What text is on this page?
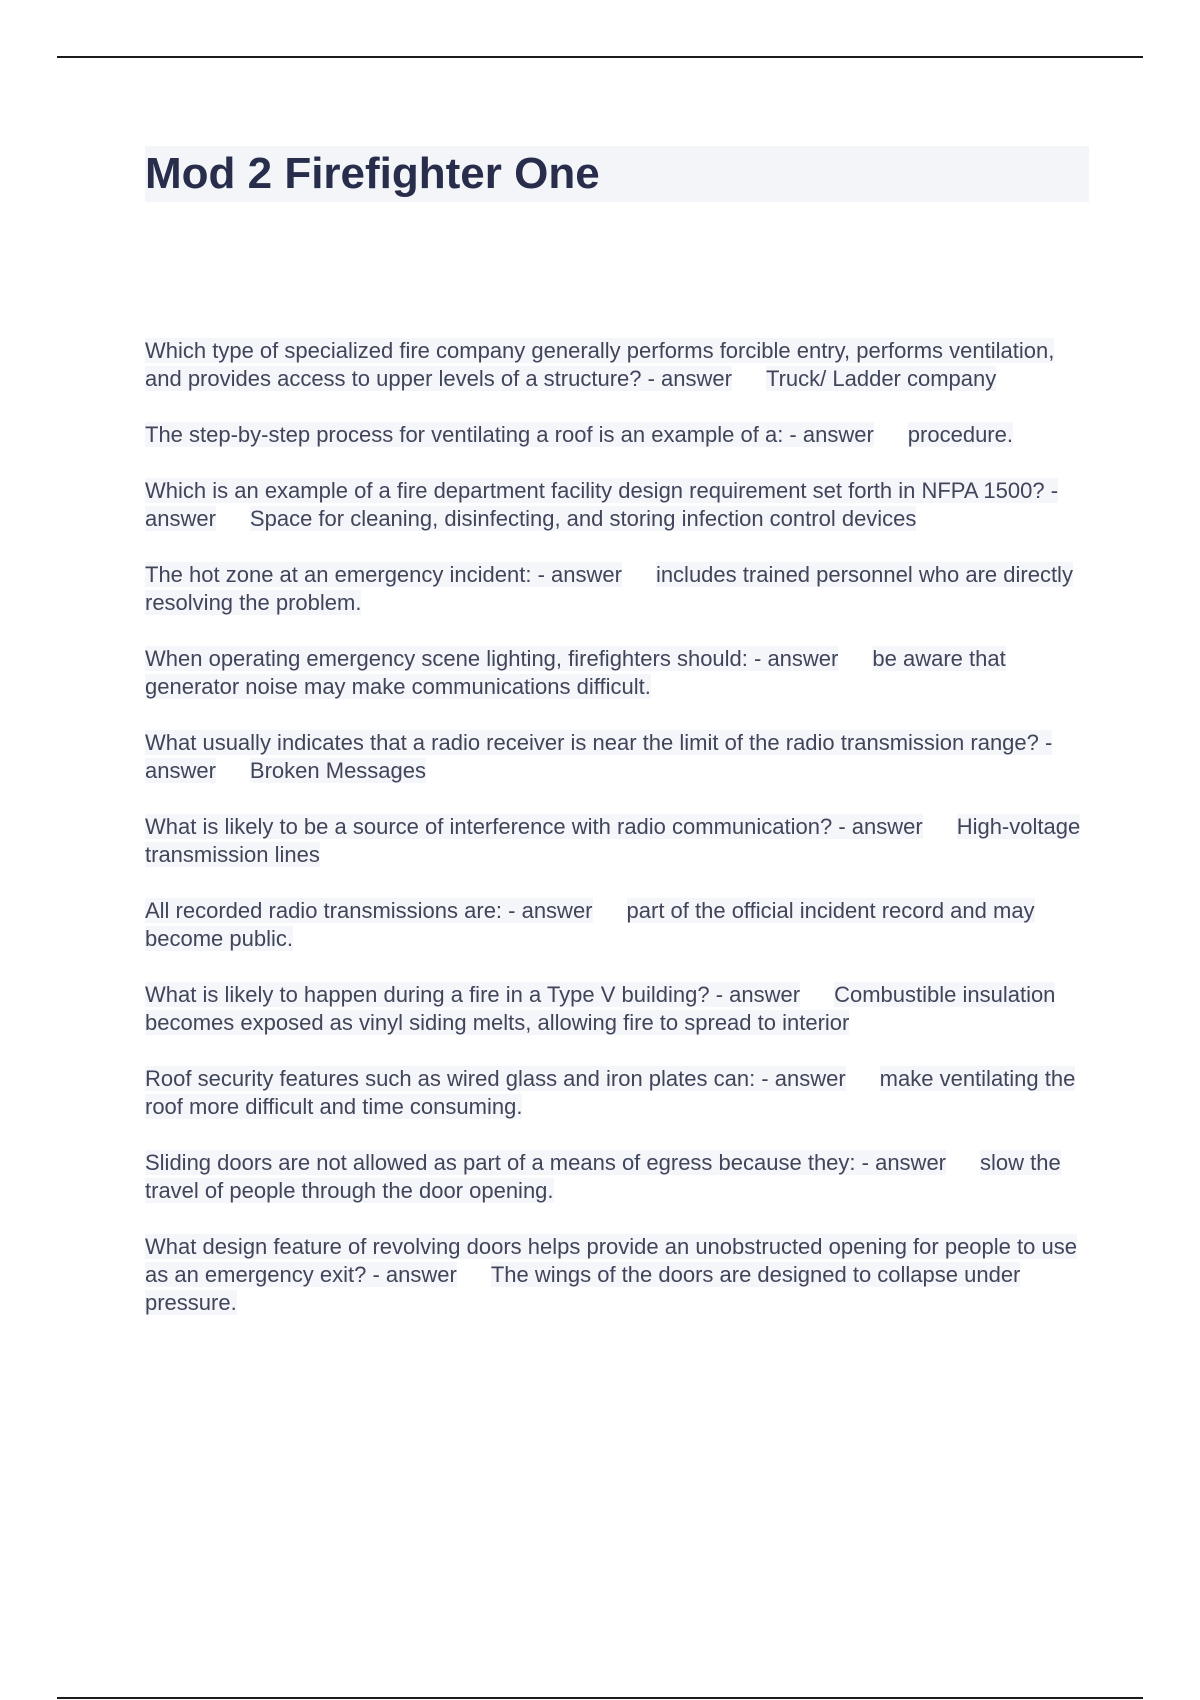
Mod 2 Firefighter One

Which type of specialized fire company generally performs forcible entry, performs ventilation, and provides access to upper levels of a structure? - answer Truck/ Ladder company

The step-by-step process for ventilating a roof is an example of a: - answer procedure.

Which is an example of a fire department facility design requirement set forth in NFPA 1500? - answer Space for cleaning, disinfecting, and storing infection control devices

The hot zone at an emergency incident: - answer includes trained personnel who are directly resolving the problem.

When operating emergency scene lighting, firefighters should: - answer be aware that generator noise may make communications difficult.

What usually indicates that a radio receiver is near the limit of the radio transmission range? - answer Broken Messages

What is likely to be a source of interference with radio communication? - answer High-voltage transmission lines

All recorded radio transmissions are: - answer part of the official incident record and may become public.

What is likely to happen during a fire in a Type V building? - answer Combustible insulation becomes exposed as vinyl siding melts, allowing fire to spread to interior

Roof security features such as wired glass and iron plates can: - answer make ventilating the roof more difficult and time consuming.

Sliding doors are not allowed as part of a means of egress because they: - answer slow the travel of people through the door opening.

What design feature of revolving doors helps provide an unobstructed opening for people to use as an emergency exit? - answer The wings of the doors are designed to collapse under pressure.
